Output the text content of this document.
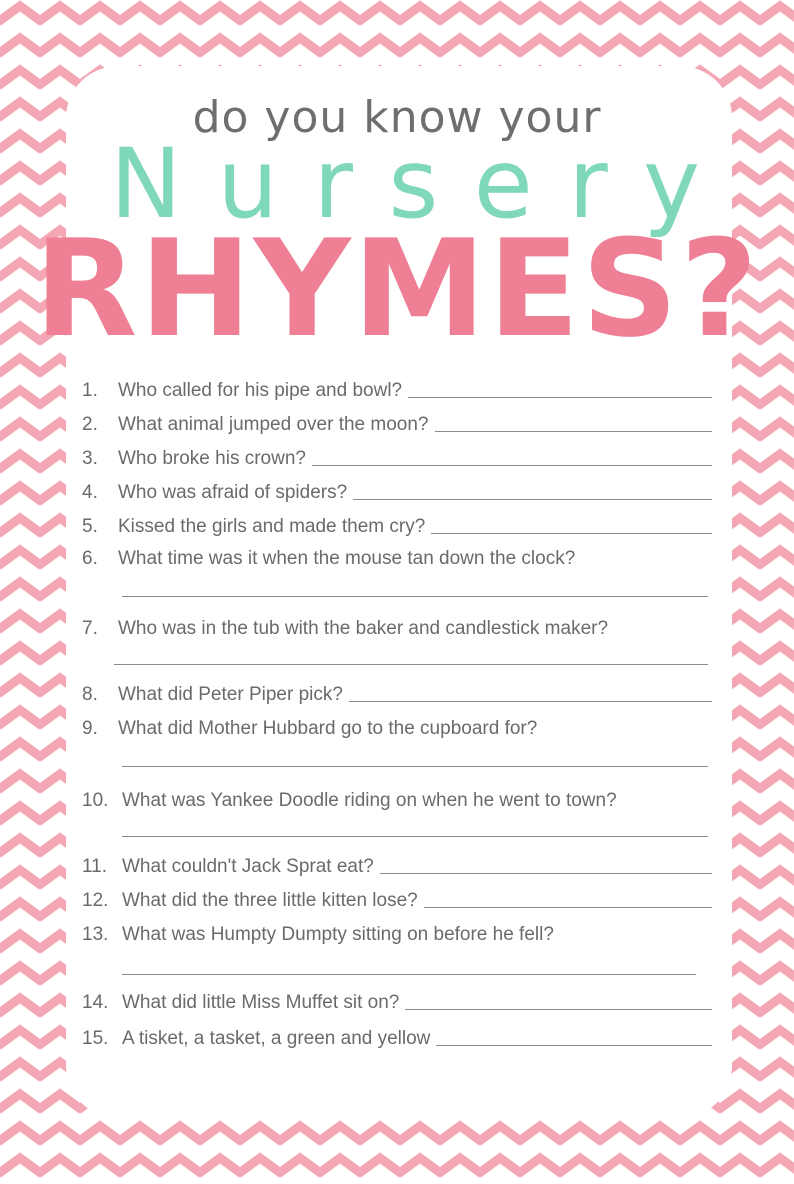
do you know your
N u r s e r y
RHYMES?
1.	Who called for his pipe and bowl?
2.	What animal jumped over the moon?
3.	Who broke his crown?
4.	Who was afraid of spiders?
5.	Kissed the girls and made them cry?
6.	What time was it when the mouse tan down the clock?
7.	Who was in the tub with the baker and candlestick maker?
8.	What did Peter Piper pick?
9.	What did Mother Hubbard go to the cupboard for?
10. What was Yankee Doodle riding on when he went to town?
11. What couldn't Jack Sprat eat?
12. What did the three little kitten lose?
13. What was Humpty Dumpty sitting on before he fell?
14. What did little Miss Muffet sit on?
15. A tisket, a tasket, a green and yellow
